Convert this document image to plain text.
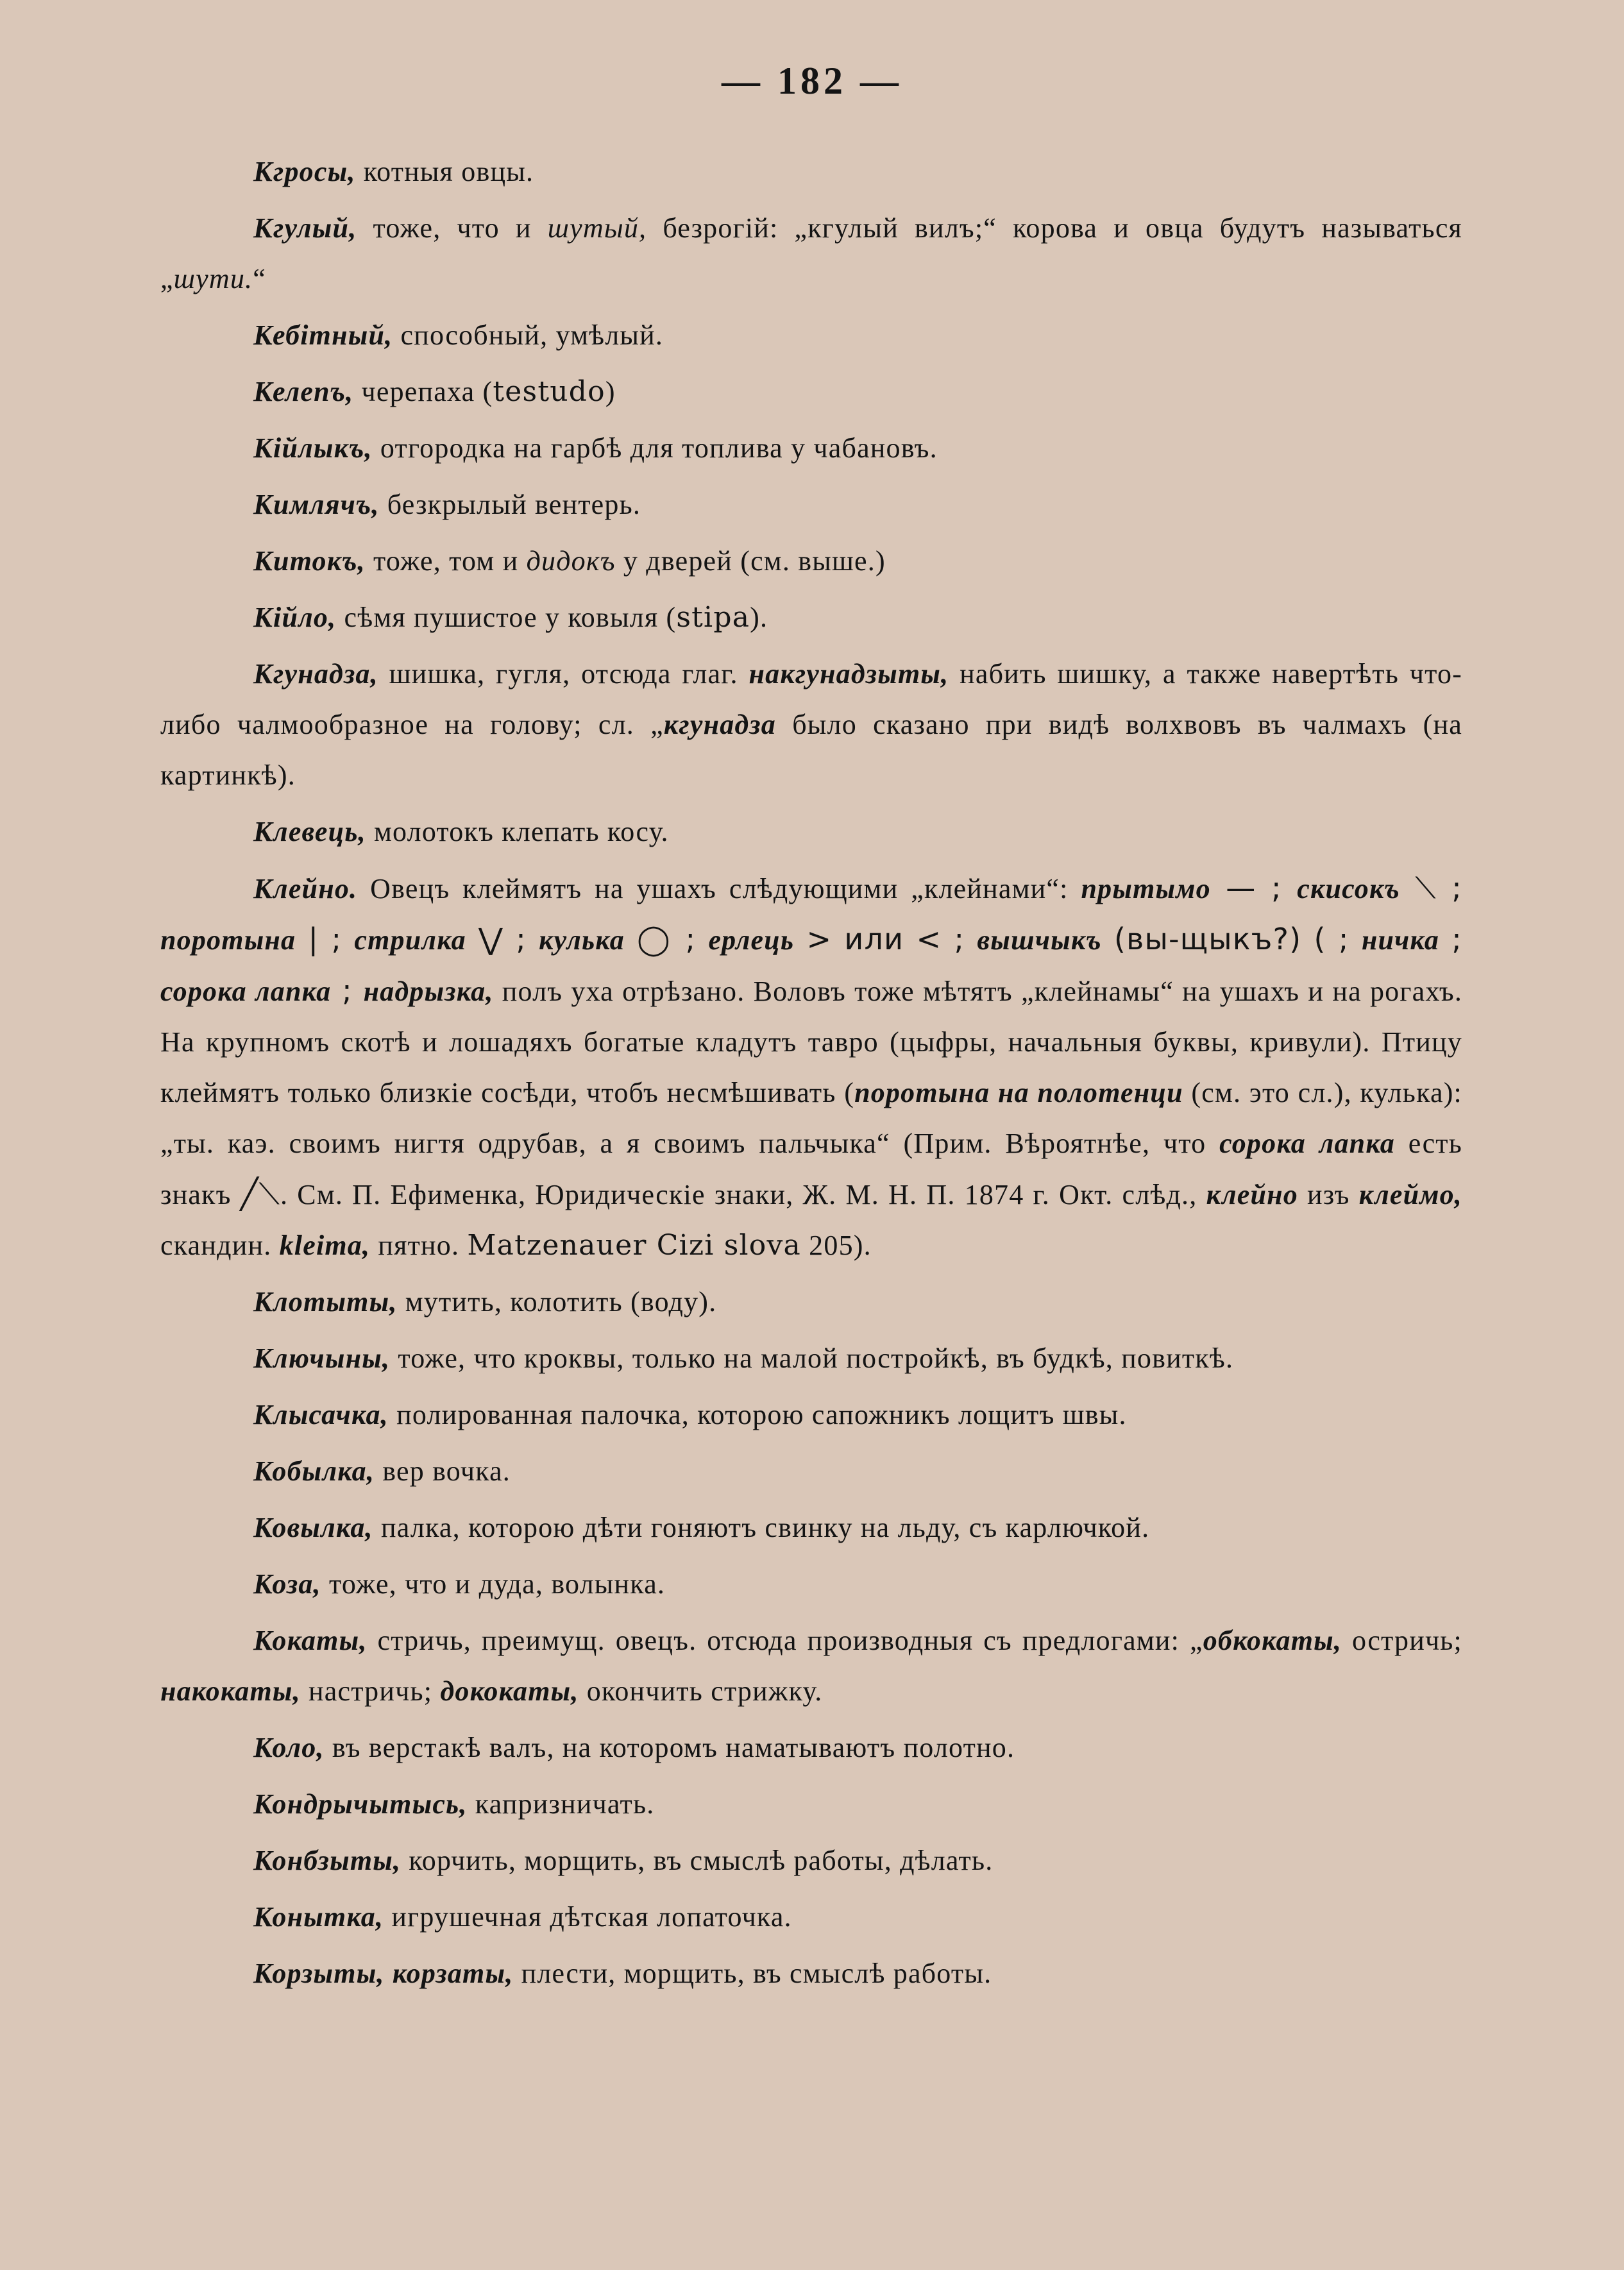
— 182 —

Кгросы, котныя овцы.

Кгулый, тоже, что и шутый, безрогій: „кгулый вилъ;“ корова и овца будутъ называться „шути.“

Кебiтный, способный, умѣлый.

Келепъ, черепаха (testudo)

Кійлыкъ, отгородка на гарбѣ для топлива у чабановъ.

Кимлячъ, безкрылый вентерь.

Китокъ, тоже, том и дидокъ у дверей (см. выше.)

Кійло, сѣмя пушистое у ковыля (stipa).

Кгунадза, шишка, гугля, отсюда глаг. накгунадзыты, набить шишку, а также навертѣть что-либо чалмообразное на голову; сл. „кгунадза было сказано при видѣ волхвовъ въ чалмахъ (на картинкѣ).

Клевець, молотокъ клепать косу.

Клейно. Овецъ клеймятъ на ушахъ слѣдующими „клейнами“: прытымо — ; скисокъ ⟍ ; поротына | ; стрилка ⋁ ; кулька ◯ ; ерлець > или < ; вышчыкъ (вы-щыкъ?) ( ; ничка ; сорока лапка ; надрызка, полъ уха отрѣзано. Воловъ тоже мѣтятъ „клейнамы“ на ушахъ и на рогахъ. На крупномъ скотѣ и лошадяхъ богатые кладутъ тавро (цыфры, начальныя буквы, кривули). Птицу клеймятъ только близкіе сосѣди, чтобъ несмѣшивать (поротына на полотенци (см. это сл.), кулька): „ты. каэ. своимъ нигтя одрубав, а я своимъ пальчыка“ (Прим. Вѣроятнѣе, что сорока лапка есть знакъ ╱⟍. См. П. Ефименка, Юридическіе знаки, Ж. М. Н. П. 1874 г. Окт. слѣд., клейно изъ клеймо, скандин. kleima, пятно. Matzenauer Cizi slova 205).

Клотыты, мутить, колотить (воду).

Ключыны, тоже, что кроквы, только на малой постройкѣ, въ будкѣ, повиткѣ.

Клысачка, полированная палочка, которою сапожникъ лощитъ швы.

Кобылка, вер вочка.

Ковылка, палка, которою дѣти гоняютъ свинку на льду, съ карлючкой.

Коза, тоже, что и дуда, волынка.

Кокаты, стричь, преимущ. овецъ. отсюда производныя съ предлогами: „обкокаты, остричь; накокаты, настричь; дококаты, окончить стрижку.

Коло, въ верстакѣ валъ, на которомъ наматываютъ полотно.

Кондрычытысь, капризничать.

Конбзыты, корчить, морщить, въ смыслѣ работы, дѣлать.

Конытка, игрушечная дѣтская лопаточка.

Корзыты, корзаты, плести, морщить, въ смыслѣ работы.
